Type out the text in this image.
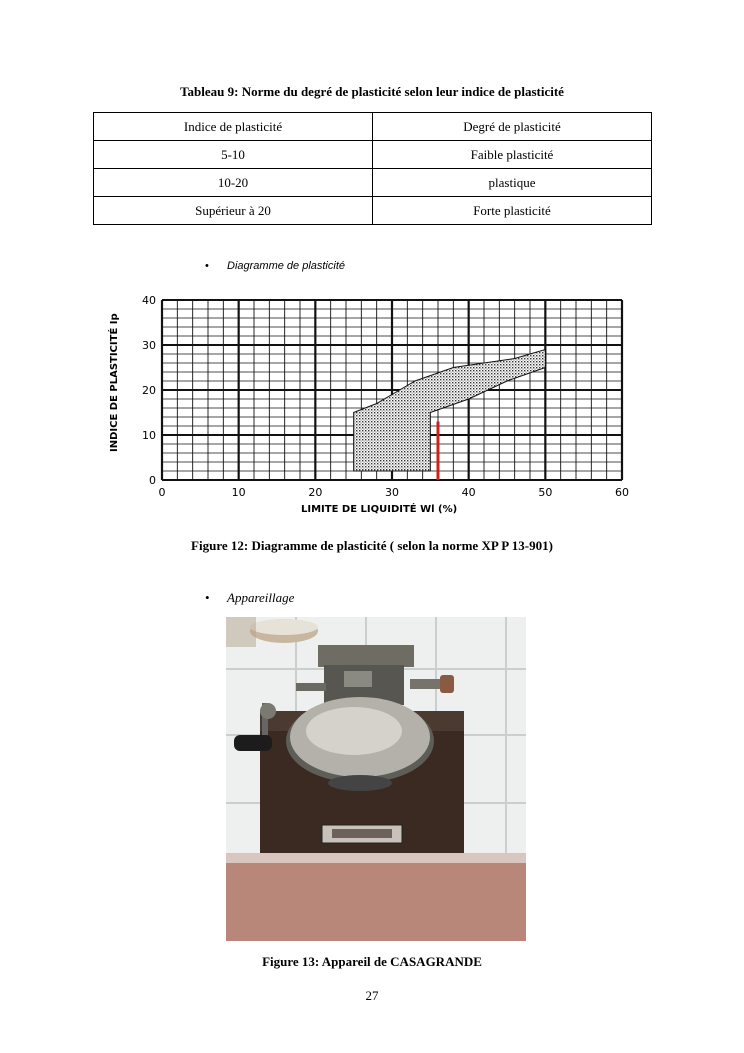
Tableau 9: Norme du degré de plasticité selon leur indice de plasticité
Indice de plasticité	Degré de plasticité
5-10	Faible plasticité
10-20	plastique
Supérieur à 20	Forte plasticité
• Diagramme de plasticité
0	10	20	30	40	50	60
0
10
20
30
40
INDICE DE PLASTICITÉ Ip
LIMITE DE LIQUIDITÉ Wl (%)
Figure 12: Diagramme de plasticité ( selon la norme XP P 13-901)
• Appareillage
Figure 13: Appareil de CASAGRANDE
27
